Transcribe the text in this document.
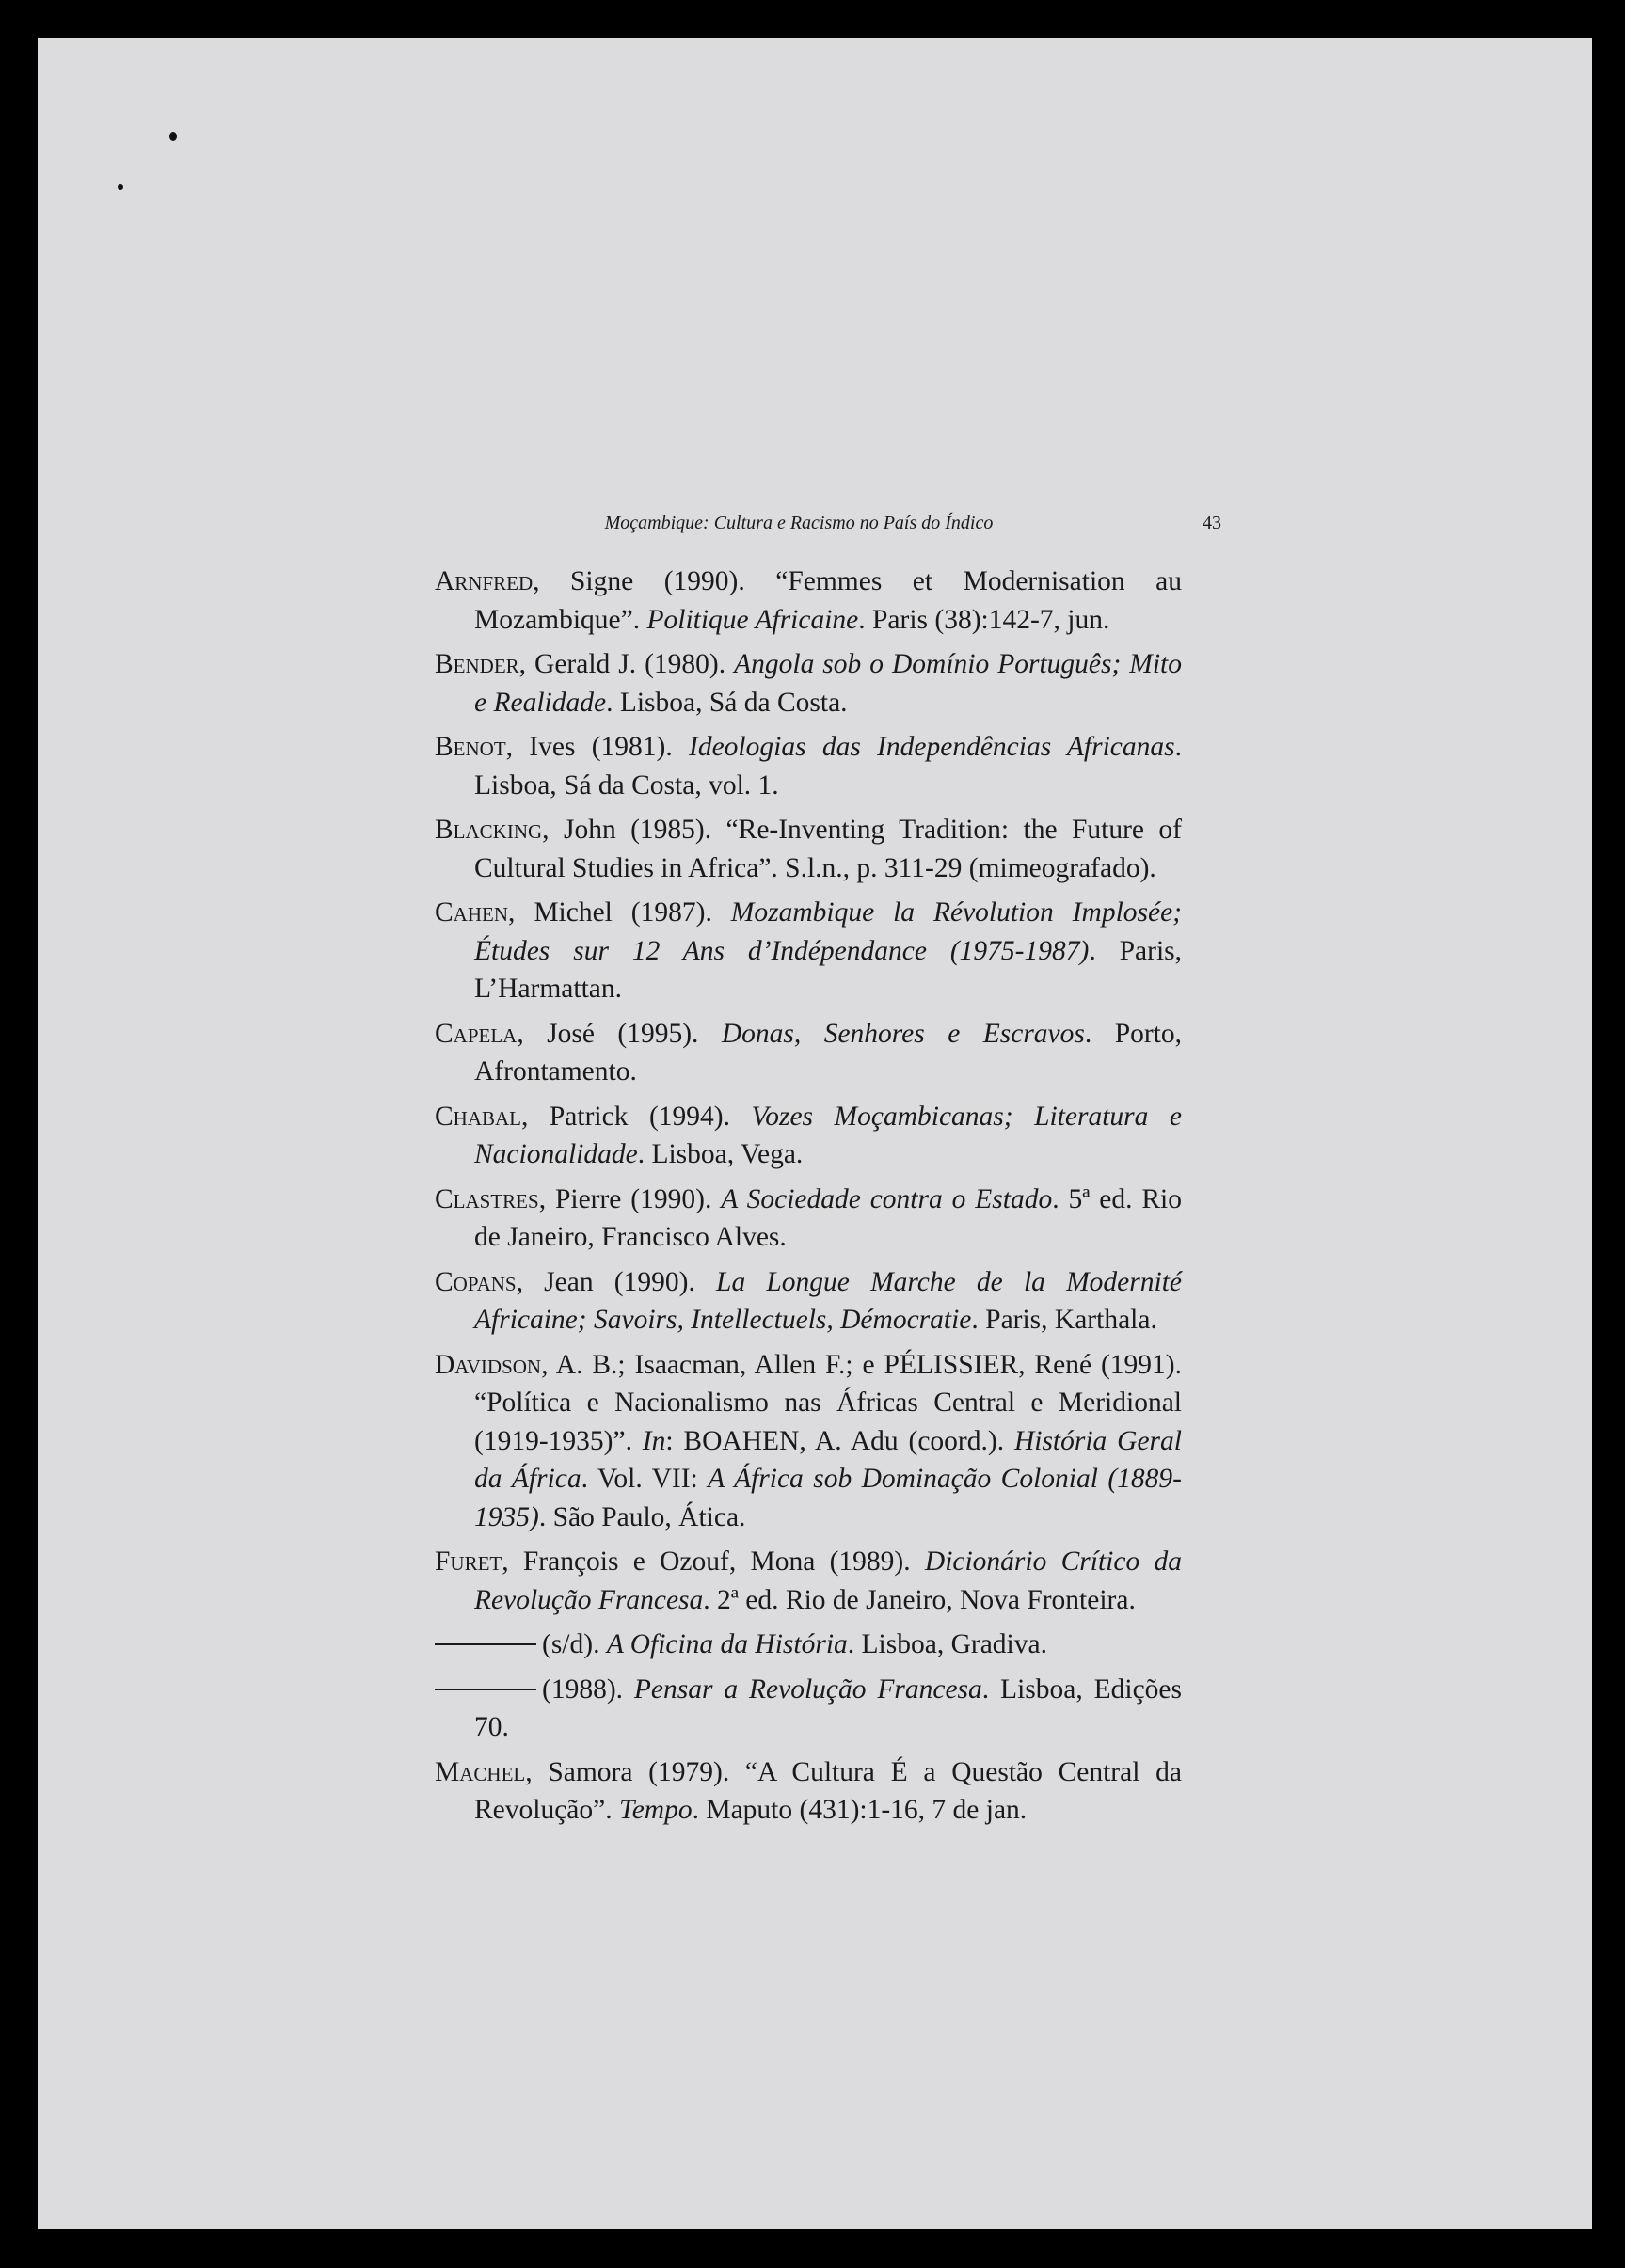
Moçambique: Cultura e Racismo no País do Índico	43

Arnfred, Signe (1990). “Femmes et Modernisation au Mozambique”. Politique Africaine. Paris (38):142-7, jun.

Bender, Gerald J. (1980). Angola sob o Domínio Português; Mito e Realidade. Lisboa, Sá da Costa.

Benot, Ives (1981). Ideologias das Independências Africanas. Lisboa, Sá da Costa, vol. 1.

Blacking, John (1985). “Re-Inventing Tradition: the Future of Cultural Studies in Africa”. S.l.n., p. 311-29 (mimeografado).

Cahen, Michel (1987). Mozambique la Révolution Implosée; Études sur 12 Ans d’Indépendance (1975-1987). Paris, L’Harmattan.

Capela, José (1995). Donas, Senhores e Escravos. Porto, Afrontamento.

Chabal, Patrick (1994). Vozes Moçambicanas; Literatura e Nacionalidade. Lisboa, Vega.

Clastres, Pierre (1990). A Sociedade contra o Estado. 5ª ed. Rio de Janeiro, Francisco Alves.

Copans, Jean (1990). La Longue Marche de la Modernité Africaine; Savoirs, Intellectuels, Démocratie. Paris, Karthala.

Davidson, A. B.; Isaacman, Allen F.; e PÉLISSIER, René (1991). “Política e Nacionalismo nas Áfricas Central e Meridional (1919-1935)”. In: BOAHEN, A. Adu (coord.). História Geral da África. Vol. VII: A África sob Dominação Colonial (1889-1935). São Paulo, Ática.

Furet, François e Ozouf, Mona (1989). Dicionário Crítico da Revolução Francesa. 2ª ed. Rio de Janeiro, Nova Fronteira.

(s/d). A Oficina da História. Lisboa, Gradiva.

(1988). Pensar a Revolução Francesa. Lisboa, Edições 70.

Machel, Samora (1979). “A Cultura É a Questão Central da Revolução”. Tempo. Maputo (431):1-16, 7 de jan.
